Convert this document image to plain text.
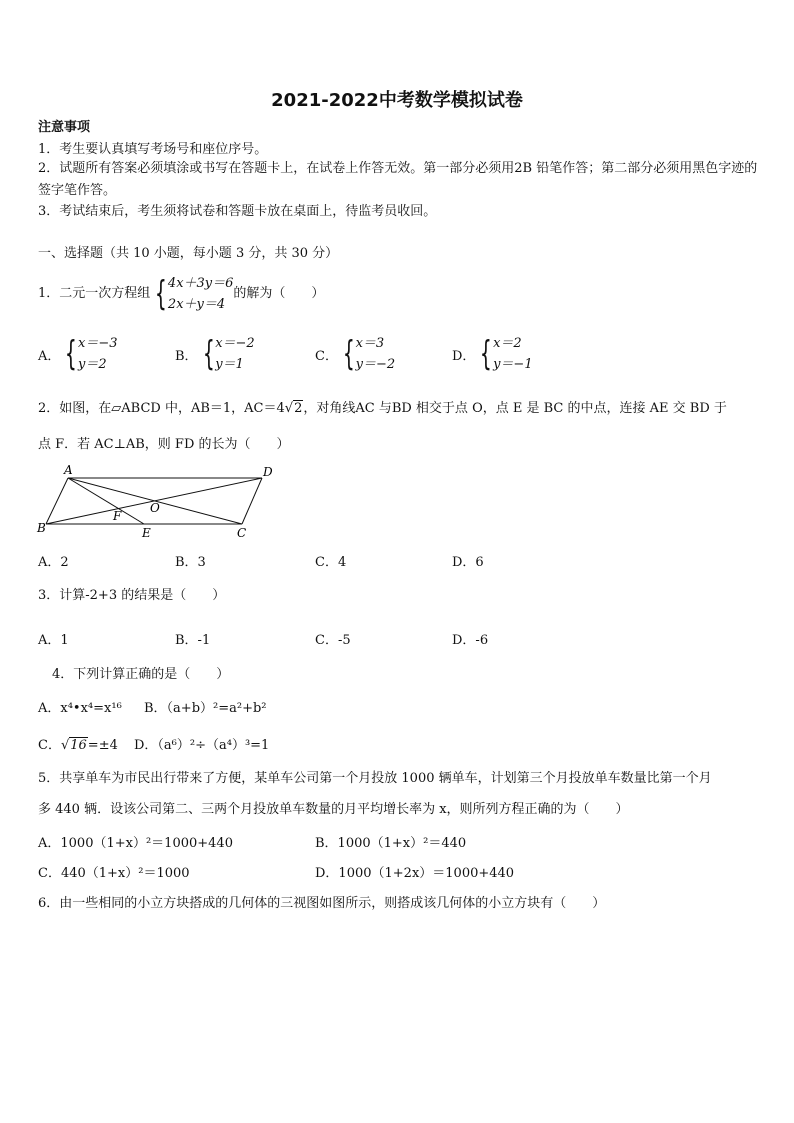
2021-2022中考数学模拟试卷
注意事项
1．考生要认真填写考场号和座位序号。
2．试题所有答案必须填涂或书写在答题卡上，在试卷上作答无效。第一部分必须用2B 铅笔作答；第二部分必须用黑色字迹的签字笔作答。
3．考试结束后，考生须将试卷和答题卡放在桌面上，待监考员收回。
一、选择题（共 10 小题，每小题 3 分，共 30 分）
1．二元一次方程组 { 4x＋3y＝6
2x＋y＝4
的解为（　　）
A． { x＝−3
y＝2
B． { x＝−2
y＝1
C． { x＝3
y＝−2
D． { x＝2
y＝−1
2．如图，在▱ABCD 中，AB＝1，AC＝4√2，对角线AC 与BD 相交于点 O，点 E 是 BC 的中点，连接 AE 交 BD 于
点 F．若 AC⊥AB，则 FD 的长为（　　）
A	D
B	C
E
F
O
A．2	B．3	C．4	D．6
3．计算-2+3 的结果是（　　）
A．1	B．-1	C．-5	D．-6
4．下列计算正确的是（　　）
A．x⁴•x⁴=x¹⁶ B．（a+b）²=a²+b²
C．√16=±4 D．（a⁶）²÷（a⁴）³=1
5．共享单车为市民出行带来了方便，某单车公司第一个月投放 1000 辆单车，计划第三个月投放单车数量比第一个月
多 440 辆．设该公司第二、三两个月投放单车数量的月平均增长率为 x，则所列方程正确的为（　　）
A．1000（1+x）²＝1000+440	B．1000（1+x）²＝440
C．440（1+x）²＝1000	D．1000（1+2x）＝1000+440
6．由一些相同的小立方块搭成的几何体的三视图如图所示，则搭成该几何体的小立方块有（　　）
